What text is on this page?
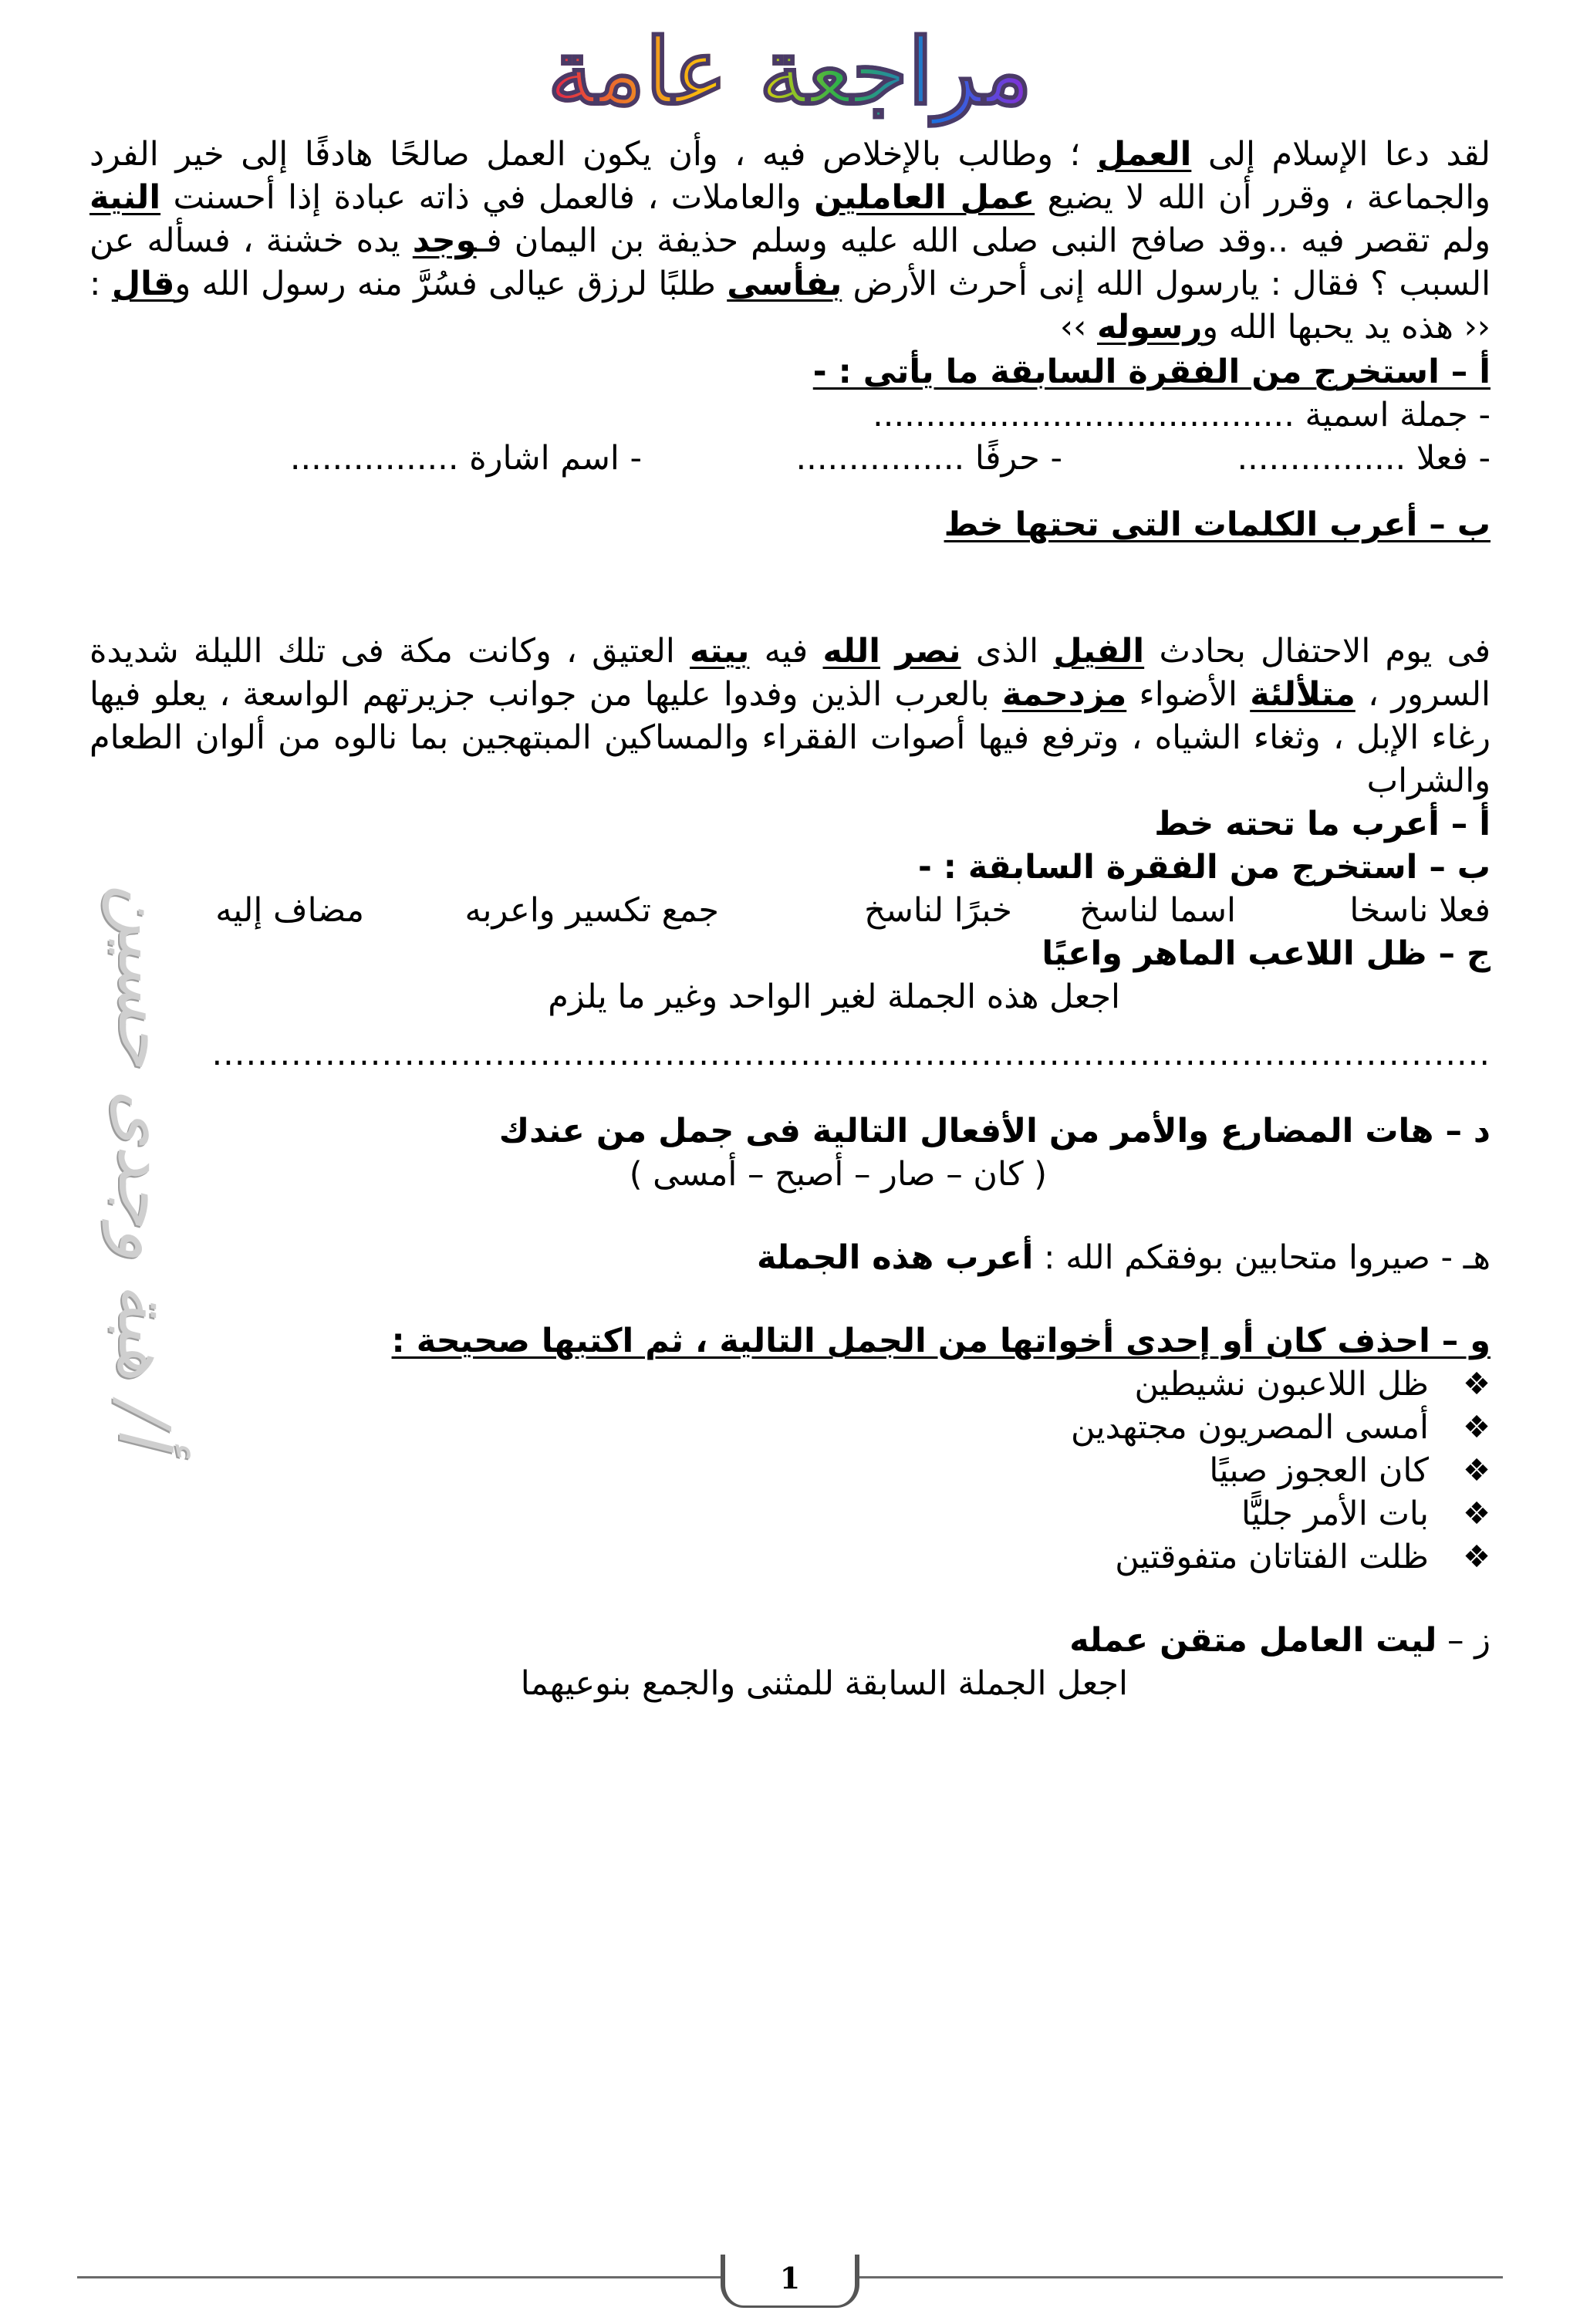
مراجعة عامة
أ/ هبة وجدى حسين

لقد دعا الإسلام إلى العمل ؛ وطالب بالإخلاص فيه ، وأن يكون العمل صالحًا هادفًا إلى خير الفرد والجماعة ، وقرر أن الله لا يضيع عمل العاملين والعاملات ، فالعمل في ذاته عبادة إذا أحسنت النية ولم تقصر فيه ..وقد صافح النبى صلى الله عليه وسلم حذيفة بن اليمان فـوجد يده خشنة ، فسأله عن السبب ؟ فقال : يارسول الله إنى أحرث الأرض بفأسى طلبًا لرزق عيالى فسُرَّ منه رسول الله وقال : ‹‹ هذه يد يحبها الله ورسوله ››

أ – استخرج من الفقرة السابقة ما يأتى : -

- جملة اسمية ........................................

- فعلا ................
- حرفًا ................
- اسم اشارة ................

ب – أعرب الكلمات التى تحتها خط

فى يوم الاحتفال بحادث الفيل الذى نصر الله فيه بيته العتيق ، وكانت مكة فى تلك الليلة شديدة السرور ، متلألئة الأضواء مزدحمة بالعرب الذين وفدوا عليها من جوانب جزيرتهم الواسعة ، يعلو فيها رغاء الإبل ، وثغاء الشياه ، وترفع فيها أصوات الفقراء والمساكين المبتهجين بما نالوه من ألوان الطعام والشراب

أ – أعرب ما تحته خط

ب – استخرج من الفقرة السابقة : -

فعلا ناسخا
اسما لناسخ
خبرًا لناسخ
جمع تكسير واعربه
مضاف إليه

ج – ظل اللاعب الماهر واعيًا

اجعل هذه الجملة لغير الواحد وغير ما يلزم

.................................................................................................................

د – هات المضارع والأمر من الأفعال التالية فى جمل من عندك

( كان – صار – أصبح – أمسى )

هـ - صيروا متحابين بوفقكم الله : أعرب هذه الجملة

و – احذف كان أو إحدى أخواتها من الجمل التالية ، ثم اكتبها صحيحة :

❖
ظل اللاعبون نشيطين
❖
أمسى المصريون مجتهدين
❖
كان العجوز صبيًا
❖
بات الأمر جليًّا
❖
ظلت الفتاتان متفوقتين

ز – ليت العامل متقن عمله

اجعل الجملة السابقة للمثنى والجمع بنوعيهما

1
